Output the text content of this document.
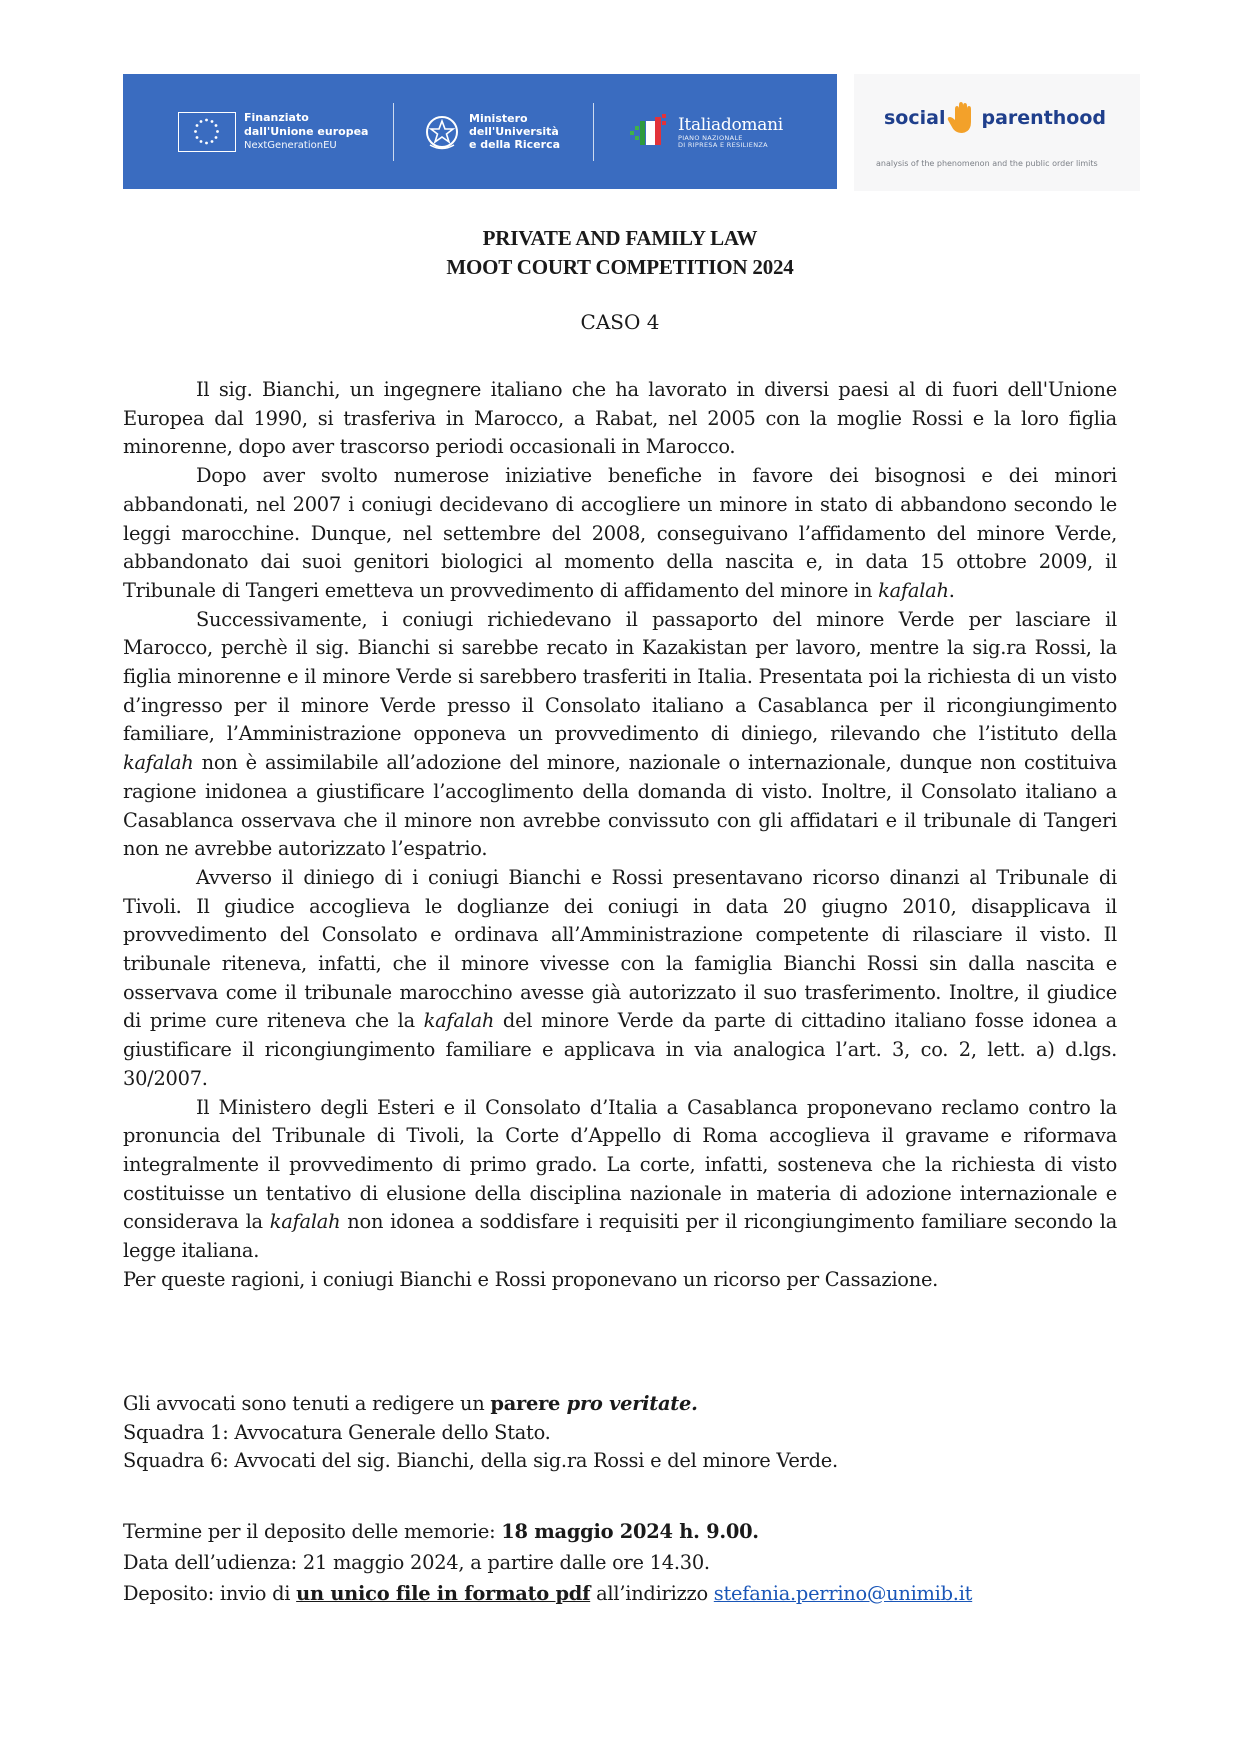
Finanziato
dall'Unione europea
NextGenerationEU
Ministero
dell'Università
e della Ricerca
Italiadomani
PIANO NAZIONALE
DI RIPRESA E RESILIENZA
social parenthood
analysis of the phenomenon and the public order limits
PRIVATE AND FAMILY LAW
MOOT COURT COMPETITION 2024
CASO 4

Il sig. Bianchi, un ingegnere italiano che ha lavorato in diversi paesi al di fuori dell'Unione Europea dal 1990, si trasferiva in Marocco, a Rabat, nel 2005 con la moglie Rossi e la loro figlia minorenne, dopo aver trascorso periodi occasionali in Marocco.

Dopo aver svolto numerose iniziative benefiche in favore dei bisognosi e dei minori abbandonati, nel 2007 i coniugi decidevano di accogliere un minore in stato di abbandono secondo le leggi marocchine. Dunque, nel settembre del 2008, conseguivano l’affidamento del minore Verde, abbandonato dai suoi genitori biologici al momento della nascita e, in data 15 ottobre 2009, il Tribunale di Tangeri emetteva un provvedimento di affidamento del minore in kafalah.

Successivamente, i coniugi richiedevano il passaporto del minore Verde per lasciare il Marocco, perchè il sig. Bianchi si sarebbe recato in Kazakistan per lavoro, mentre la sig.ra Rossi, la figlia minorenne e il minore Verde si sarebbero trasferiti in Italia. Presentata poi la richiesta di un visto d’ingresso per il minore Verde presso il Consolato italiano a Casablanca per il ricongiungimento familiare, l’Amministrazione opponeva un provvedimento di diniego, rilevando che l’istituto della kafalah non è assimilabile all’adozione del minore, nazionale o internazionale, dunque non costituiva ragione inidonea a giustificare l’accoglimento della domanda di visto. Inoltre, il Consolato italiano a Casablanca osservava che il minore non avrebbe convissuto con gli affidatari e il tribunale di Tangeri non ne avrebbe autorizzato l’espatrio.

Avverso il diniego di i coniugi Bianchi e Rossi presentavano ricorso dinanzi al Tribunale di Tivoli. Il giudice accoglieva le doglianze dei coniugi in data 20 giugno 2010, disapplicava il provvedimento del Consolato e ordinava all’Amministrazione competente di rilasciare il visto. Il tribunale riteneva, infatti, che il minore vivesse con la famiglia Bianchi Rossi sin dalla nascita e osservava come il tribunale marocchino avesse già autorizzato il suo trasferimento. Inoltre, il giudice di prime cure riteneva che la kafalah del minore Verde da parte di cittadino italiano fosse idonea a giustificare il ricongiungimento familiare e applicava in via analogica l’art. 3, co. 2, lett. a) d.lgs. 30/2007.

Il Ministero degli Esteri e il Consolato d’Italia a Casablanca proponevano reclamo contro la pronuncia del Tribunale di Tivoli, la Corte d’Appello di Roma accoglieva il gravame e riformava integralmente il provvedimento di primo grado. La corte, infatti, sosteneva che la richiesta di visto costituisse un tentativo di elusione della disciplina nazionale in materia di adozione internazionale e considerava la kafalah non idonea a soddisfare i requisiti per il ricongiungimento familiare secondo la legge italiana.

Per queste ragioni, i coniugi Bianchi e Rossi proponevano un ricorso per Cassazione.

Gli avvocati sono tenuti a redigere un parere pro veritate.
Squadra 1: Avvocatura Generale dello Stato.
Squadra 6: Avvocati del sig. Bianchi, della sig.ra Rossi e del minore Verde.
Termine per il deposito delle memorie: 18 maggio 2024 h. 9.00.
Data dell’udienza: 21 maggio 2024, a partire dalle ore 14.30.
Deposito: invio di un unico file in formato pdf all’indirizzo stefania.perrino@unimib.it
